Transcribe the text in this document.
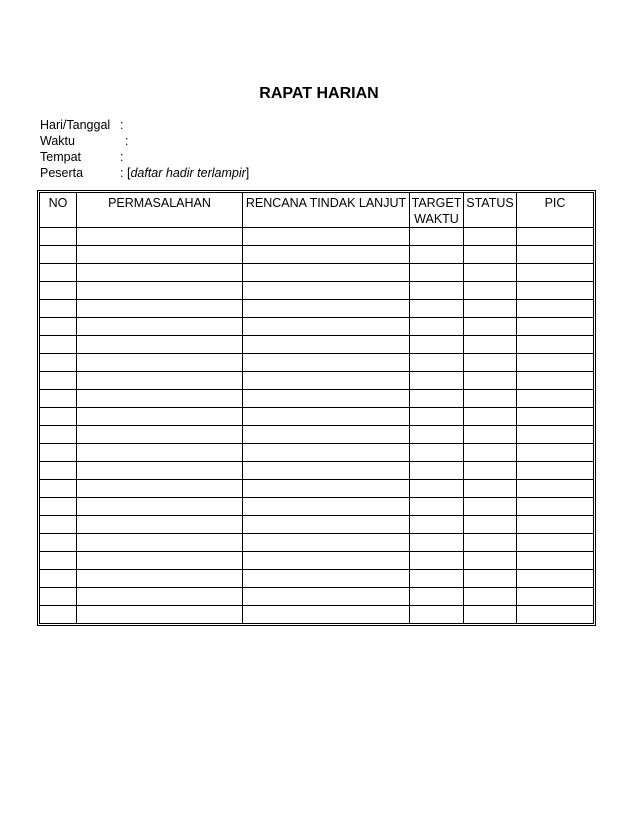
RAPAT HARIAN
Hari/Tanggal :
Waktu	:
Tempat	:
Peserta	: [daftar hadir terlampir]
NO	PERMASALAHAN	RENCANA TINDAK LANJUT	TARGET WAKTU	STATUS	PIC
